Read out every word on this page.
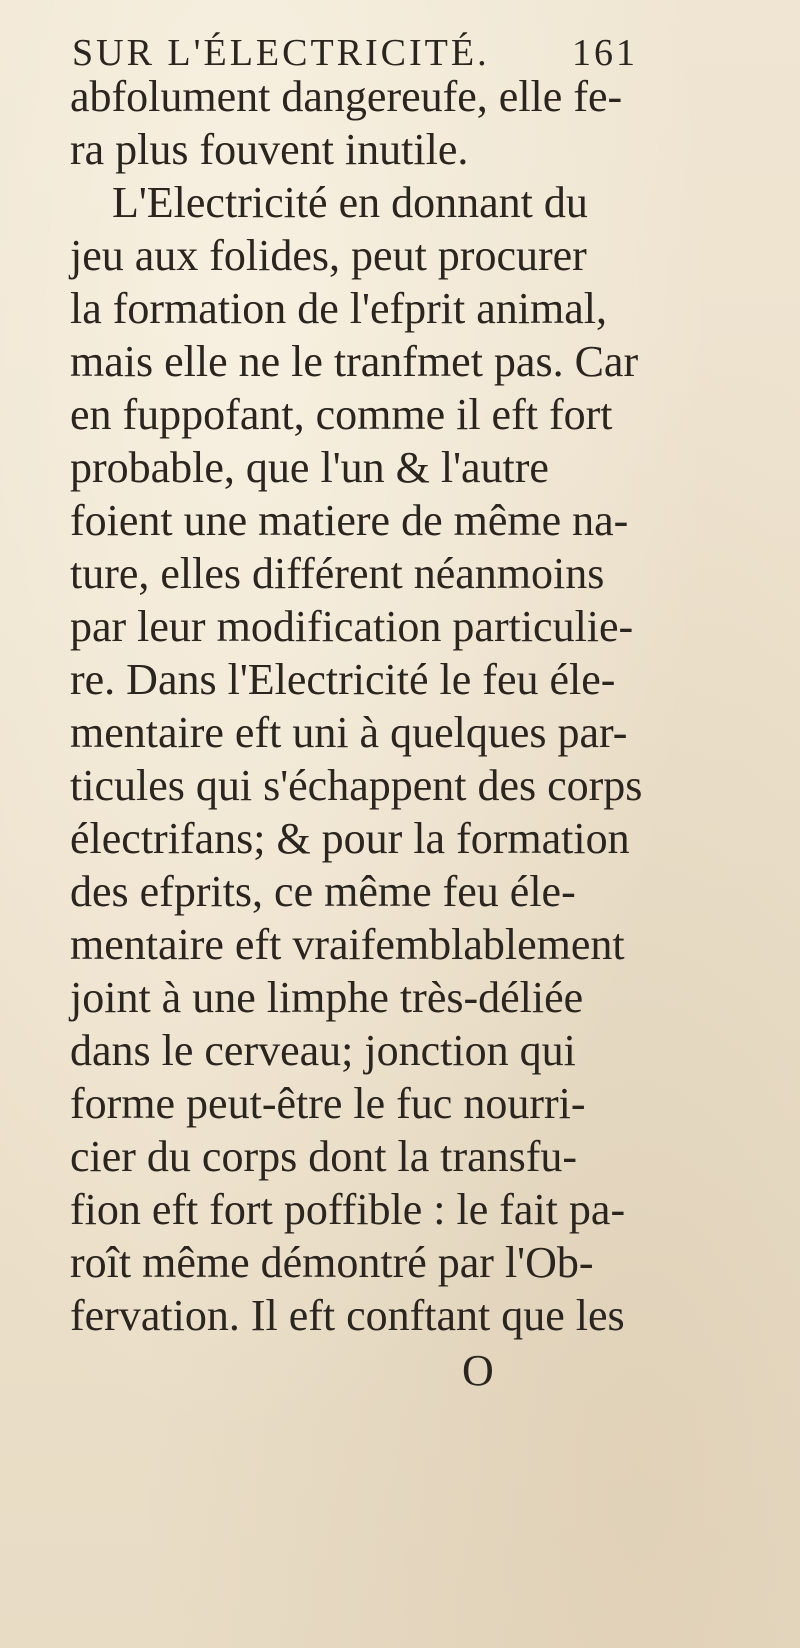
SUR L'ÉLECTRICITÉ. 161
abfolument dangereufe, elle fe-
ra plus fouvent inutile.
L'Electricité en donnant du
jeu aux folides, peut procurer
la formation de l'efprit animal,
mais elle ne le tranfmet pas. Car
en fuppofant, comme il eft fort
probable, que l'un & l'autre
foient une matiere de même na-
ture, elles différent néanmoins
par leur modification particulie-
re. Dans l'Electricité le feu éle-
mentaire eft uni à quelques par-
ticules qui s'échappent des corps
électrifans; & pour la formation
des efprits, ce même feu éle-
mentaire eft vraifemblablement
joint à une limphe très-déliée
dans le cerveau; jonction qui
forme peut-être le fuc nourri-
cier du corps dont la transfu-
fion eft fort poffible : le fait pa-
roît même démontré par l'Ob-
fervation. Il eft conftant que les
O
